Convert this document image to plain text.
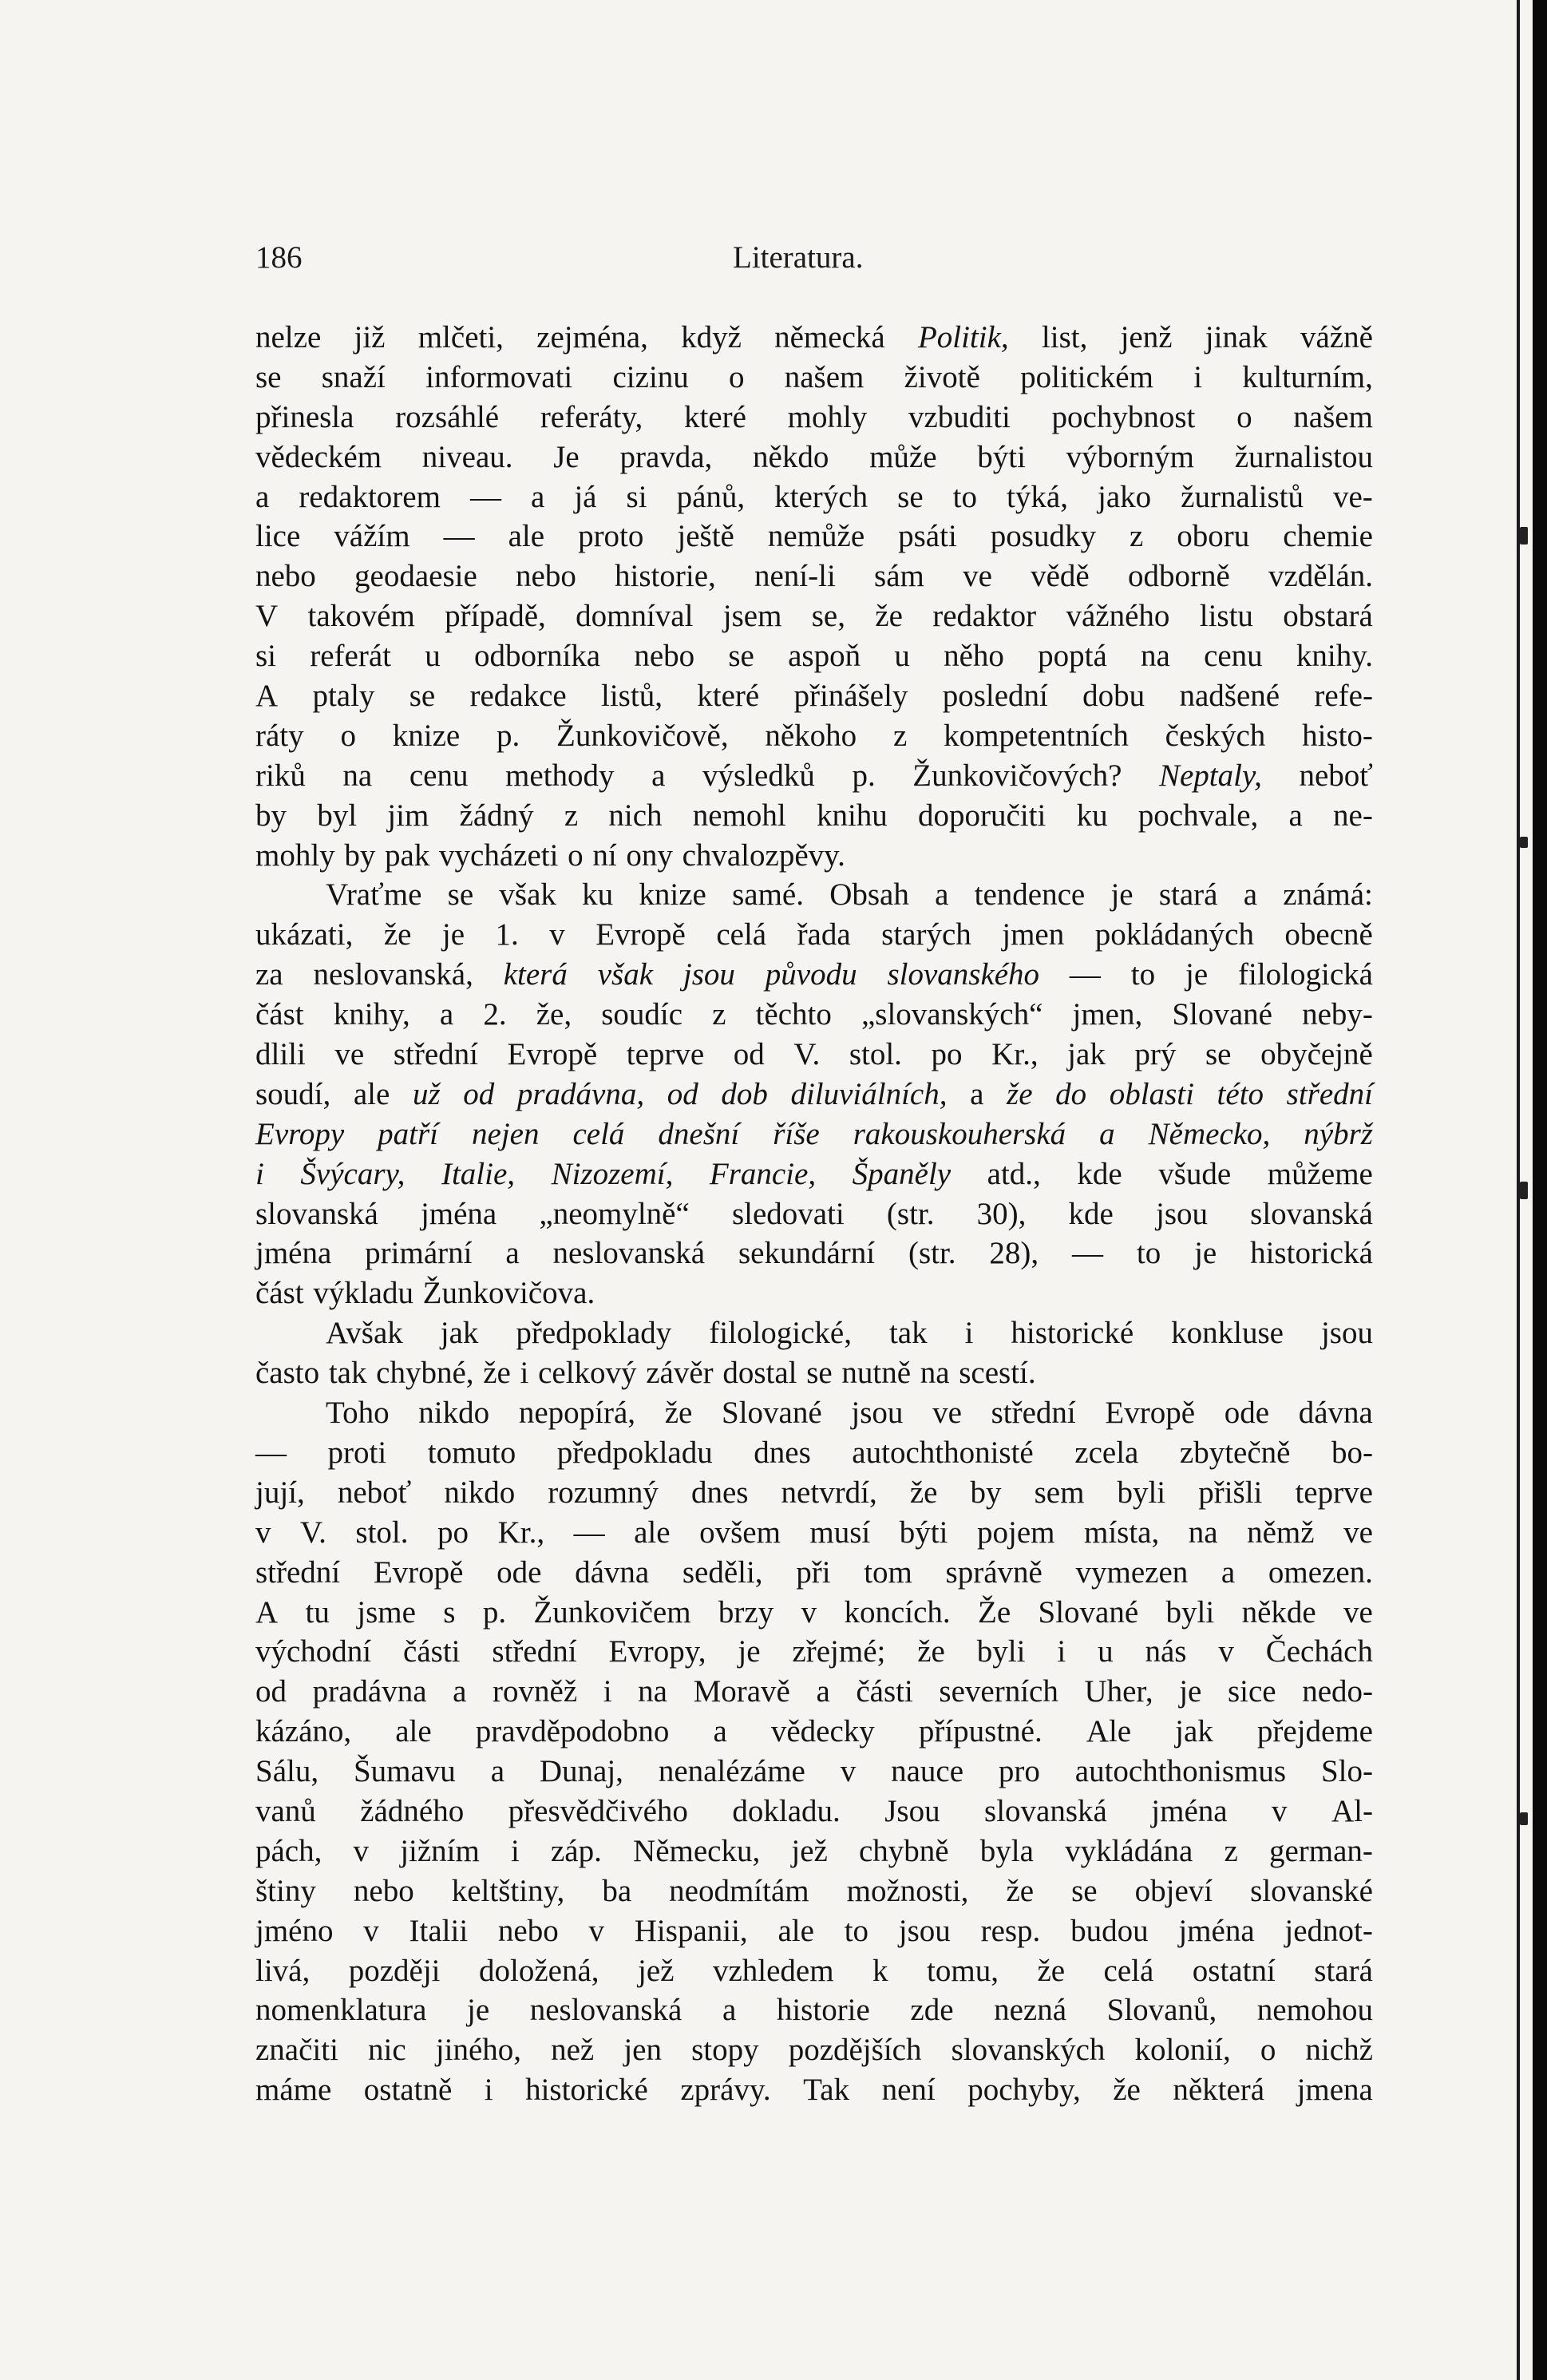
186	Literatura.
nelze již mlčeti, zejména, když německá Politik, list, jenž jinak vážně
se snaží informovati cizinu o našem životě politickém i kulturním,
přinesla rozsáhlé referáty, které mohly vzbuditi pochybnost o našem
vědeckém niveau. Je pravda, někdo může býti výborným žurnalistou
a redaktorem — a já si pánů, kterých se to týká, jako žurnalistů ve-
lice vážím — ale proto ještě nemůže psáti posudky z oboru chemie
nebo geodaesie nebo historie, není-li sám ve vědě odborně vzdělán.
V takovém případě, domníval jsem se, že redaktor vážného listu obstará
si referát u odborníka nebo se aspoň u něho poptá na cenu knihy.
A ptaly se redakce listů, které přinášely poslední dobu nadšené refe-
ráty o knize p. Žunkovičově, někoho z kompetentních českých histo-
riků na cenu methody a výsledků p. Žunkovičových? Neptaly, neboť
by byl jim žádný z nich nemohl knihu doporučiti ku pochvale, a ne-
mohly by pak vycházeti o ní ony chvalozpěvy.
Vraťme se však ku knize samé. Obsah a tendence je stará a známá:
ukázati, že je 1. v Evropě celá řada starých jmen pokládaných obecně
za neslovanská, která však jsou původu slovanského — to je filologická
část knihy, a 2. že, soudíc z těchto „slovanských“ jmen, Slované neby-
dlili ve střední Evropě teprve od V. stol. po Kr., jak prý se obyčejně
soudí, ale už od pradávna, od dob diluviálních, a že do oblasti této střední
Evropy patří nejen celá dnešní říše rakouskouherská a Německo, nýbrž
i Švýcary, Italie, Nizozemí, Francie, Španěly atd., kde všude můžeme
slovanská jména „neomylně“ sledovati (str. 30), kde jsou slovanská
jména primární a neslovanská sekundární (str. 28), — to je historická
část výkladu Žunkovičova.
Avšak jak předpoklady filologické, tak i historické konkluse jsou
často tak chybné, že i celkový závěr dostal se nutně na scestí.
Toho nikdo nepopírá, že Slované jsou ve střední Evropě ode dávna
— proti tomuto předpokladu dnes autochthonisté zcela zbytečně bo-
jují, neboť nikdo rozumný dnes netvrdí, že by sem byli přišli teprve
v V. stol. po Kr., — ale ovšem musí býti pojem místa, na němž ve
střední Evropě ode dávna seděli, při tom správně vymezen a omezen.
A tu jsme s p. Žunkovičem brzy v koncích. Že Slované byli někde ve
východní části střední Evropy, je zřejmé; že byli i u nás v Čechách
od pradávna a rovněž i na Moravě a části severních Uher, je sice nedo-
kázáno, ale pravděpodobno a vědecky přípustné. Ale jak přejdeme
Sálu, Šumavu a Dunaj, nenalézáme v nauce pro autochthonismus Slo-
vanů žádného přesvědčivého dokladu. Jsou slovanská jména v Al-
pách, v jižním i záp. Německu, jež chybně byla vykládána z german-
štiny nebo keltštiny, ba neodmítám možnosti, že se objeví slovanské
jméno v Italii nebo v Hispanii, ale to jsou resp. budou jména jednot-
livá, později doložená, jež vzhledem k tomu, že celá ostatní stará
nomenklatura je neslovanská a historie zde nezná Slovanů, nemohou
značiti nic jiného, než jen stopy pozdějších slovanských kolonií, o nichž
máme ostatně i historické zprávy. Tak není pochyby, že některá jmena
